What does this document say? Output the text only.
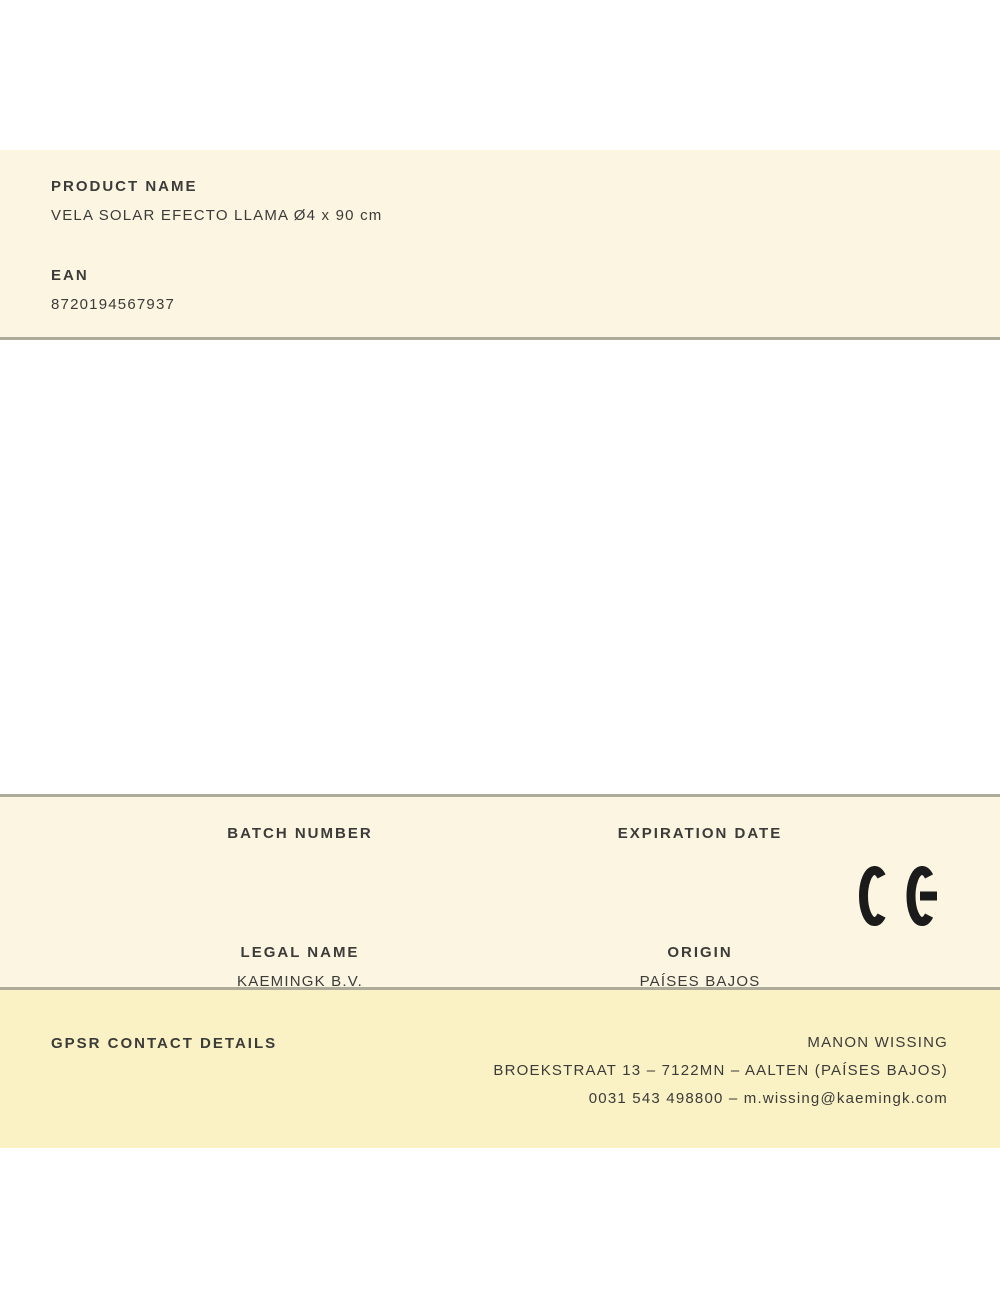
PRODUCT NAME
VELA SOLAR EFECTO LLAMA Ø4 x 90 cm
EAN
8720194567937
BATCH NUMBER
LEGAL NAME
KAEMINGK B.V.
EXPIRATION DATE
ORIGIN
PAÍSES BAJOS
GPSR CONTACT DETAILS	MANON WISSING
BROEKSTRAAT 13 – 7122MN – AALTEN (PAÍSES BAJOS)
0031 543 498800 – m.wissing@kaemingk.com
